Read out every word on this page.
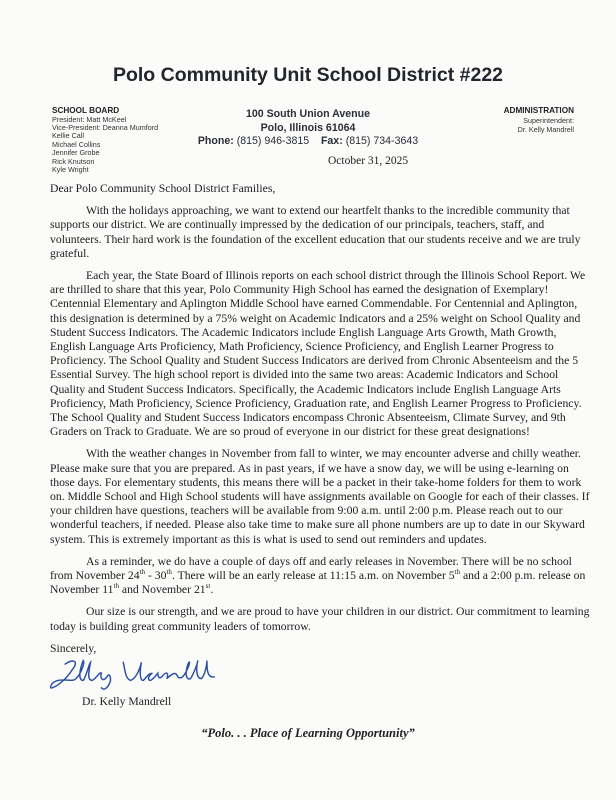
Polo Community Unit School District #222
SCHOOL BOARD
President: Matt McKeel
Vice-President: Deanna Mumford
Kellie Call
Michael Collins
Jennifer Grobe
Rick Knutson
Kyle Wright
100 South Union Avenue
Polo, Illinois 61064
Phone: (815) 946-3815 Fax: (815) 734-3643
ADMINISTRATION
Superintendent:
Dr. Kelly Mandrell
October 31, 2025

Dear Polo Community School District Families,

With the holidays approaching, we want to extend our heartfelt thanks to the incredible community that supports our district. We are continually impressed by the dedication of our principals, teachers, staff, and volunteers. Their hard work is the foundation of the excellent education that our students receive and we are truly grateful.

Each year, the State Board of Illinois reports on each school district through the Illinois School Report. We are thrilled to share that this year, Polo Community High School has earned the designation of Exemplary! Centennial Elementary and Aplington Middle School have earned Commendable. For Centennial and Aplington, this designation is determined by a 75% weight on Academic Indicators and a 25% weight on School Quality and Student Success Indicators. The Academic Indicators include English Language Arts Growth, Math Growth, English Language Arts Proficiency, Math Proficiency, Science Proficiency, and English Learner Progress to Proficiency. The School Quality and Student Success Indicators are derived from Chronic Absenteeism and the 5 Essential Survey. The high school report is divided into the same two areas: Academic Indicators and School Quality and Student Success Indicators. Specifically, the Academic Indicators include English Language Arts Proficiency, Math Proficiency, Science Proficiency, Graduation rate, and English Learner Progress to Proficiency. The School Quality and Student Success Indicators encompass Chronic Absenteeism, Climate Survey, and 9th Graders on Track to Graduate. We are so proud of everyone in our district for these great designations!

With the weather changes in November from fall to winter, we may encounter adverse and chilly weather. Please make sure that you are prepared. As in past years, if we have a snow day, we will be using e-learning on those days. For elementary students, this means there will be a packet in their take-home folders for them to work on. Middle School and High School students will have assignments available on Google for each of their classes. If your children have questions, teachers will be available from 9:00 a.m. until 2:00 p.m. Please reach out to our wonderful teachers, if needed. Please also take time to make sure all phone numbers are up to date in our Skyward system. This is extremely important as this is what is used to send out reminders and updates.

As a reminder, we do have a couple of days off and early releases in November. There will be no school from November 24th - 30th. There will be an early release at 11:15 a.m. on November 5th and a 2:00 p.m. release on November 11th and November 21st.

Our size is our strength, and we are proud to have your children in our district. Our commitment to learning today is building great community leaders of tomorrow.

Sincerely,
Dr. Kelly Mandrell
“Polo. . . Place of Learning Opportunity”
